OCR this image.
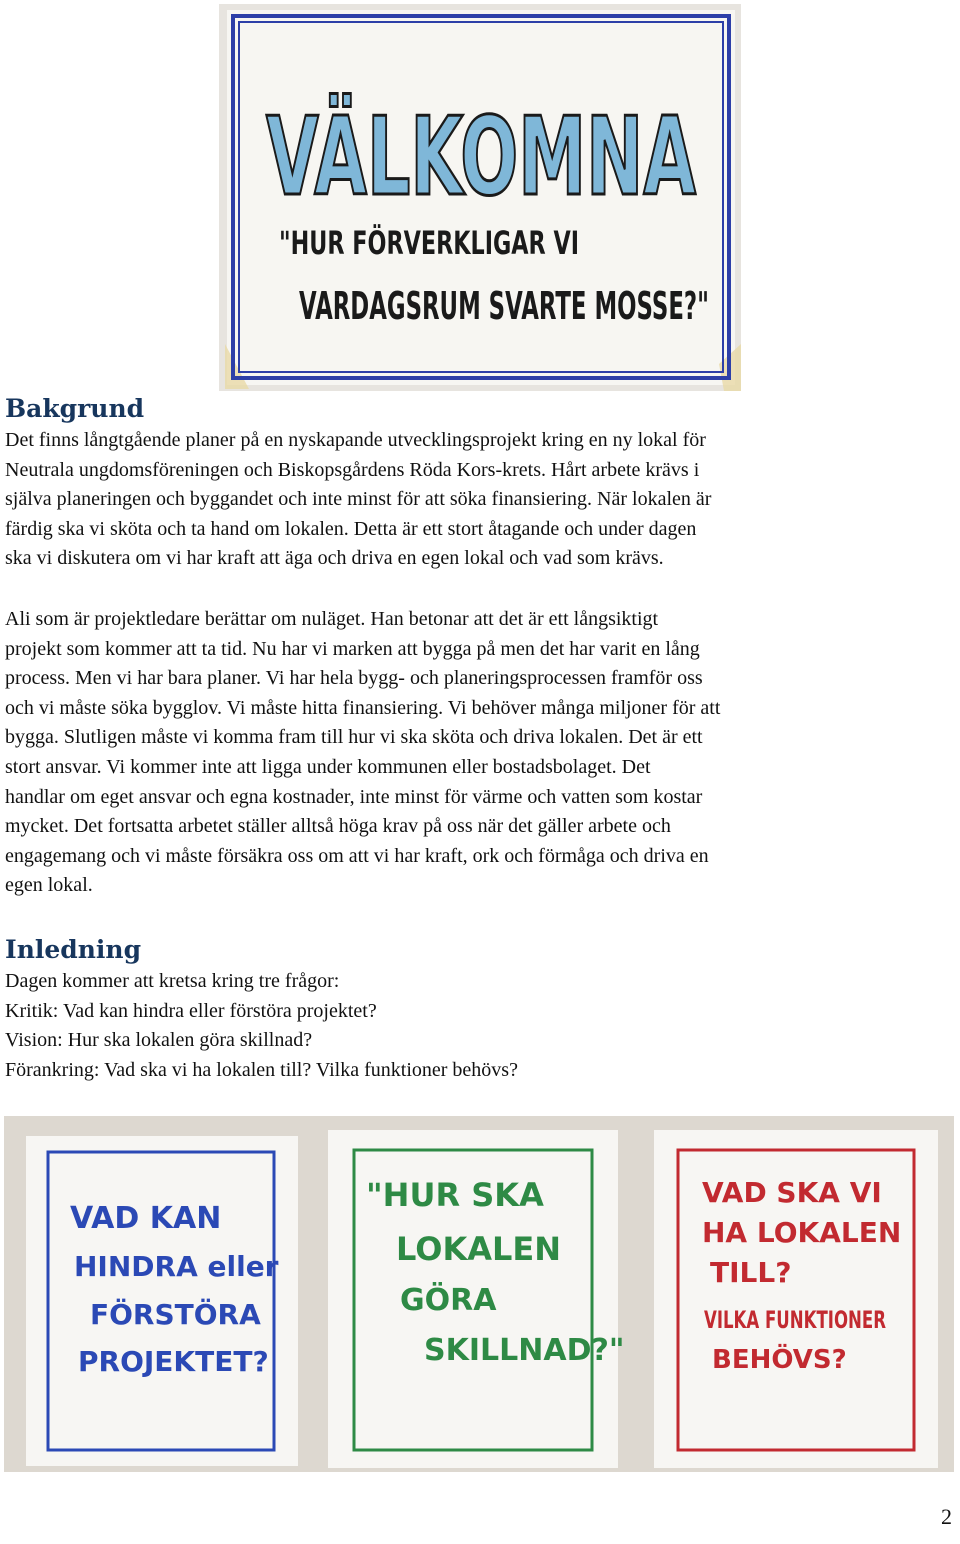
VÄLKOMNA
"HUR FÖRVERKLIGAR VI
VARDAGSRUM SVARTE MOSSE?"
Bakgrund

Det finns långtgående planer på en nyskapande utvecklingsprojekt kring en ny lokal för
Neutrala ungdomsföreningen och Biskopsgårdens Röda Kors-krets. Hårt arbete krävs i
själva planeringen och byggandet och inte minst för att söka finansiering. När lokalen är
färdig ska vi sköta och ta hand om lokalen. Detta är ett stort åtagande och under dagen
ska vi diskutera om vi har kraft att äga och driva en egen lokal och vad som krävs.

Ali som är projektledare berättar om nuläget. Han betonar att det är ett långsiktigt
projekt som kommer att ta tid. Nu har vi marken att bygga på men det har varit en lång
process. Men vi har bara planer. Vi har hela bygg- och planeringsprocessen framför oss
och vi måste söka bygglov. Vi måste hitta finansiering. Vi behöver många miljoner för att
bygga. Slutligen måste vi komma fram till hur vi ska sköta och driva lokalen. Det är ett
stort ansvar. Vi kommer inte att ligga under kommunen eller bostadsbolaget. Det
handlar om eget ansvar och egna kostnader, inte minst för värme och vatten som kostar
mycket. Det fortsatta arbetet ställer alltså höga krav på oss när det gäller arbete och
engagemang och vi måste försäkra oss om att vi har kraft, ork och förmåga och driva en
egen lokal.

Inledning

Dagen kommer att kretsa kring tre frågor:
Kritik: Vad kan hindra eller förstöra projektet?
Vision: Hur ska lokalen göra skillnad?
Förankring: Vad ska vi ha lokalen till? Vilka funktioner behövs?

VAD KAN
HINDRA eller
FÖRSTÖRA
PROJEKTET?
"HUR SKA
LOKALEN
GÖRA
SKILLNAD?"
VAD SKA VI
HA LOKALEN
TILL?
VILKA FUNKTIONER
BEHÖVS?
2
